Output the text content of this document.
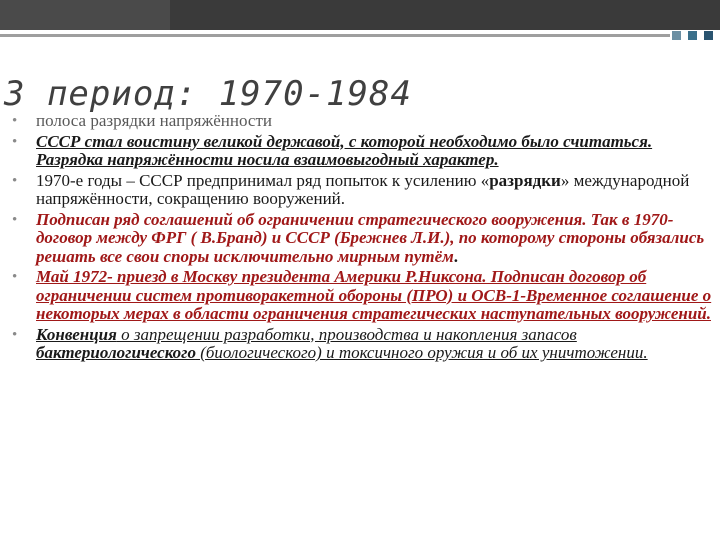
3 период: 1970-1984
• полоса разрядки напряжённости
• СССР стал воистину великой державой, с которой необходимо было считаться. Разрядка напряжённости носила взаимовыгодный характер.
• 1970-е годы – СССР предпринимал ряд попыток к усилению «разрядки» международной напряжённости, сокращению вооружений.
• Подписан ряд соглашений об ограничении стратегического вооружения. Так в 1970- договор между ФРГ ( В.Бранд) и СССР (Брежнев Л.И.), по которому стороны обязались решать все свои споры исключительно мирным путём.
• Май 1972- приезд в Москву президента Америки Р.Никсона. Подписан договор об ограничении систем противоракетной обороны (ПРО) и ОСВ-1-Временное соглашение о некоторых мерах в области ограничения стратегических наступательных вооружений.
• Конвенция о запрещении разработки, производства и накопления запасов бактериологического (биологического) и токсичного оружия и об их уничтожении.
